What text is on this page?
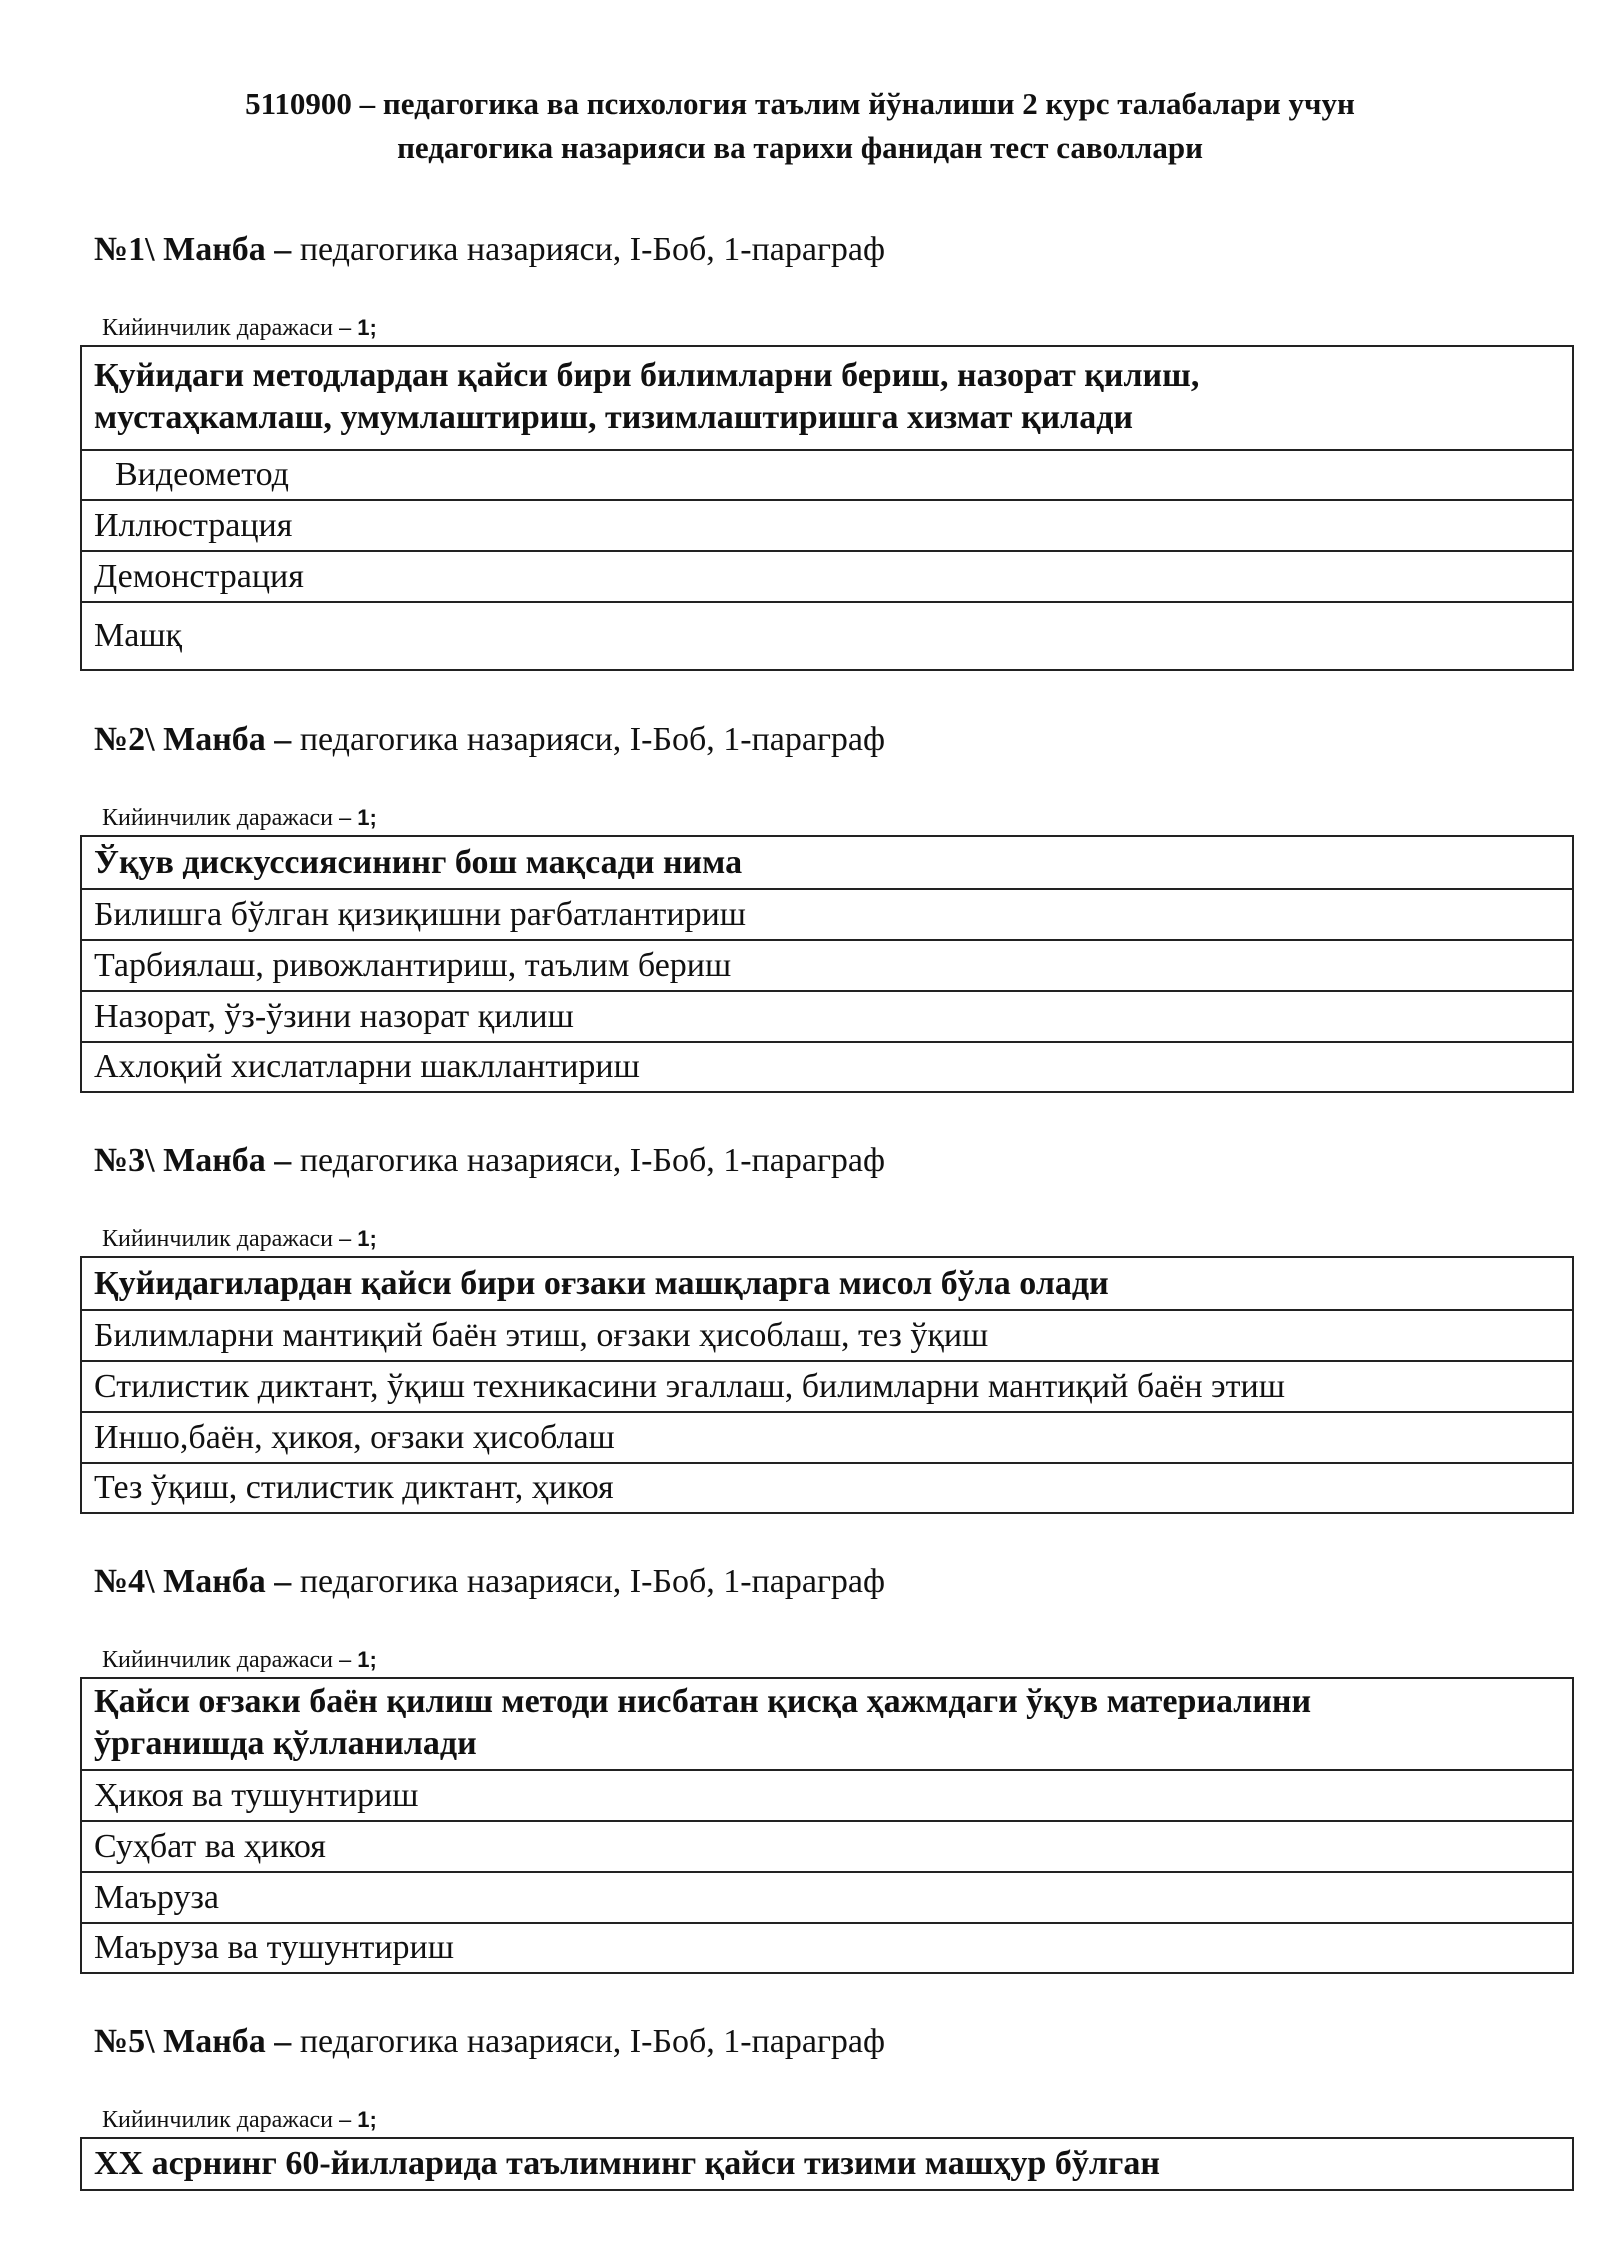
5110900 – педагогика ва психология таълим йўналиши 2 курс талабалари учун
педагогика назарияси ва тарихи фанидан тест саволлари
№1\ Манба – педагогика назарияси, I-Боб, 1-параграф
Кийинчилик даражаси – 1;
Қуйидаги методлардан қайси бири билимларни бериш, назорат қилиш,
мустаҳкамлаш, умумлаштириш, тизимлаштиришга хизмат қилади
Видеометод
Иллюстрация
Демонстрация
Машқ
№2\ Манба – педагогика назарияси, I-Боб, 1-параграф
Кийинчилик даражаси – 1;
Ўқув дискуссиясининг бош мақсади нима
Билишга бўлган қизиқишни рағбатлантириш
Тарбиялаш, ривожлантириш, таълим бериш
Назорат, ўз-ўзини назорат қилиш
Ахлоқий хислатларни шакллантириш
№3\ Манба – педагогика назарияси, I-Боб, 1-параграф
Кийинчилик даражаси – 1;
Қуйидагилардан қайси бири оғзаки машқларга мисол бўла олади
Билимларни мантиқий баён этиш, оғзаки ҳисоблаш, тез ўқиш
Стилистик диктант, ўқиш техникасини эгаллаш, билимларни мантиқий баён этиш
Иншо,баён, ҳикоя, оғзаки ҳисоблаш
Тез ўқиш, стилистик диктант, ҳикоя
№4\ Манба – педагогика назарияси, I-Боб, 1-параграф
Кийинчилик даражаси – 1;
Қайси оғзаки баён қилиш методи нисбатан қисқа ҳажмдаги ўқув материалини
ўрганишда қўлланилади
Ҳикоя ва тушунтириш
Суҳбат ва ҳикоя
Маъруза
Маъруза ва тушунтириш
№5\ Манба – педагогика назарияси, I-Боб, 1-параграф
Кийинчилик даражаси – 1;
XX асрнинг 60-йилларида таълимнинг қайси тизими машҳур бўлган
